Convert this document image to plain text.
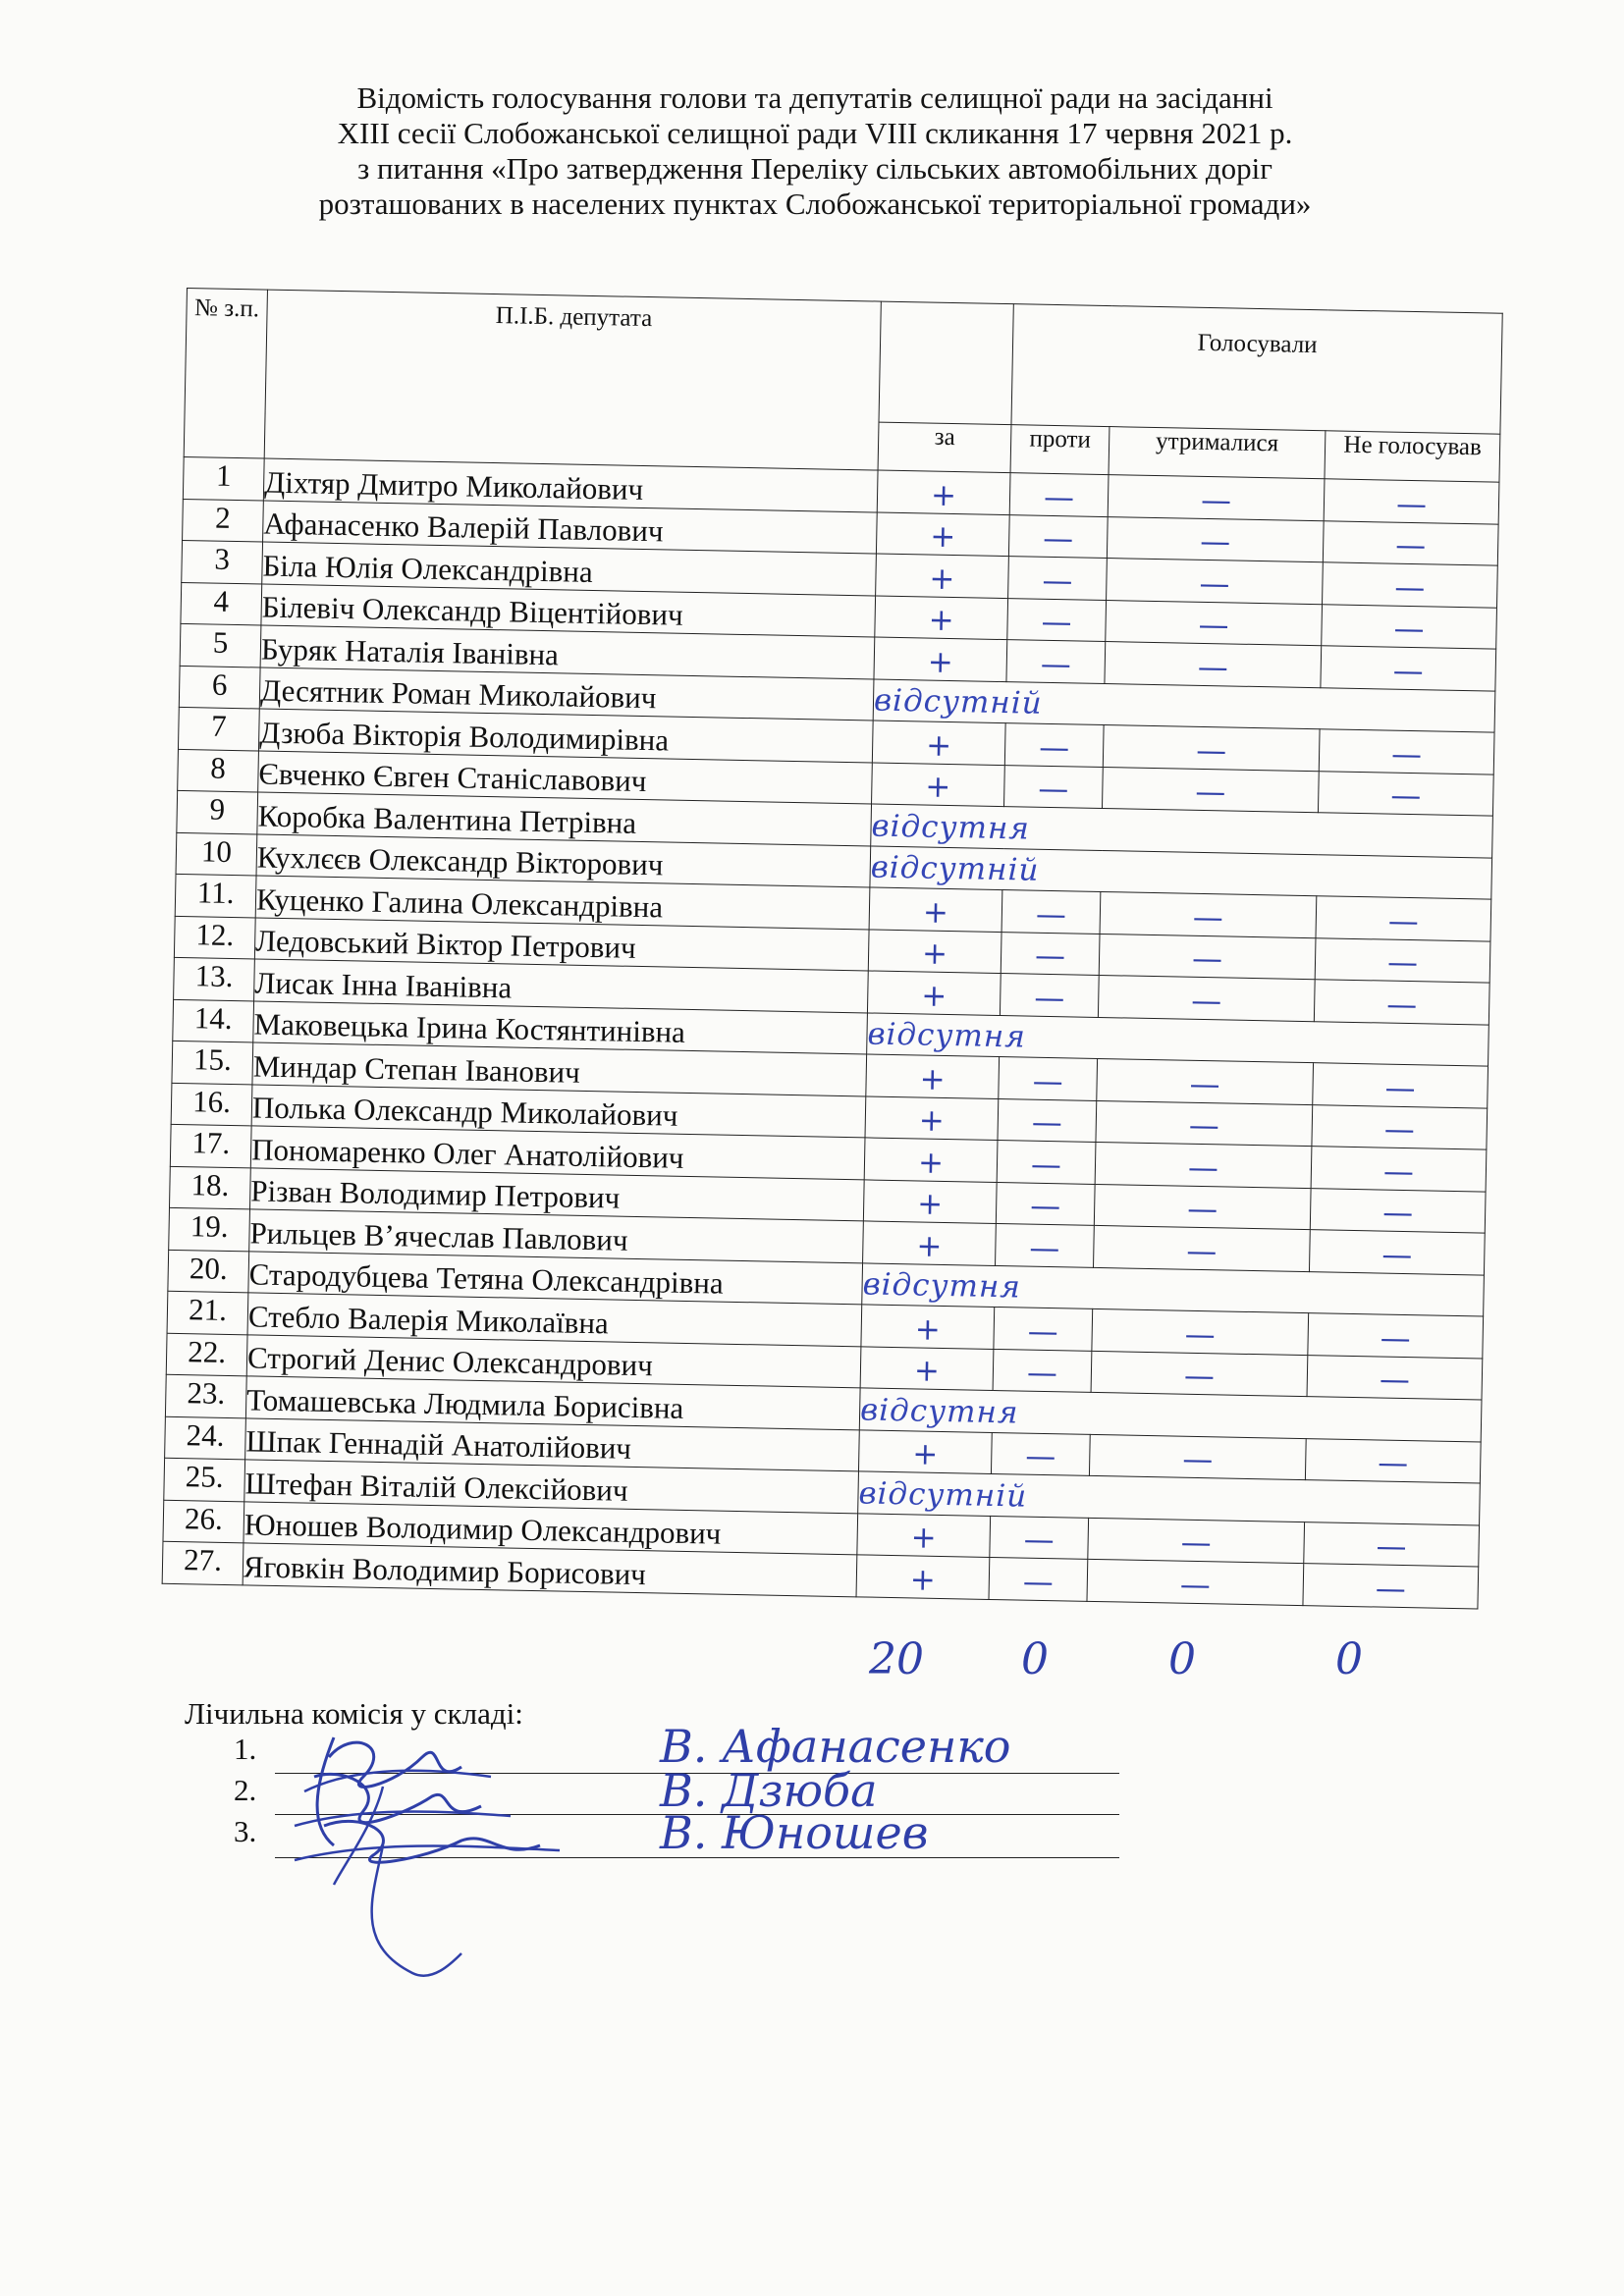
Відомість голосування голови та депутатів селищної ради на засіданні
XIII сесії Слобожанської селищної ради VIII скликання 17 червня 2021 р.
з питання «Про затвердження Переліку сільських автомобільних доріг
розташованих в населених пунктах Слобожанської територіальної громади»
№ з.п.	П.І.Б. депутата		Голосували		
		за	проти	утрималися	Не голосував
1	Діхтяр Дмитро Миколайович	+	—	—	—
2	Афанасенко Валерій Павлович	+	—	—	—
3	Біла Юлія Олександрівна	+	—	—	—
4	Білевіч Олександр Віцентійович	+	—	—	—
5	Буряк Наталія Іванівна	+	—	—	—
6	Десятник Роман Миколайович	відсутній			
7	Дзюба Вікторія Володимирівна	+	—	—	—
8	Євченко Євген Станіславович	+	—	—	—
9	Коробка Валентина Петрівна	відсутня			
10	Кухлєєв Олександр Вікторович	відсутній			
11.	Куценко Галина Олександрівна	+	—	—	—
12.	Ледовський Віктор Петрович	+	—	—	—
13.	Лисак Інна Іванівна	+	—	—	—
14.	Маковецька Ірина Костянтинівна	відсутня			
15.	Миндар Степан Іванович	+	—	—	—
16.	Полька Олександр Миколайович	+	—	—	—
17.	Пономаренко Олег Анатолійович	+	—	—	—
18.	Різван Володимир Петрович	+	—	—	—
19.	Рильцев В’ячеслав Павлович	+	—	—	—
20.	Стародубцева Тетяна Олександрівна	відсутня			
21.	Стебло Валерія Миколаївна	+	—	—	—
22.	Строгий Денис Олександрович	+	—	—	—
23.	Томашевська Людмила Борисівна	відсутня			
24.	Шпак Геннадій Анатолійович	+	—	—	—
25.	Штефан Віталій Олексійович	відсутній			
26.	Юношев Володимир Олександрович	+	—	—	—
27.	Яговкін Володимир Борисович	+	—	—	—
20 0	0	0
Лічильна комісія у складі:
1.	В. Афанасенко
2.	В. Дзюба
3.	В. Юношев
